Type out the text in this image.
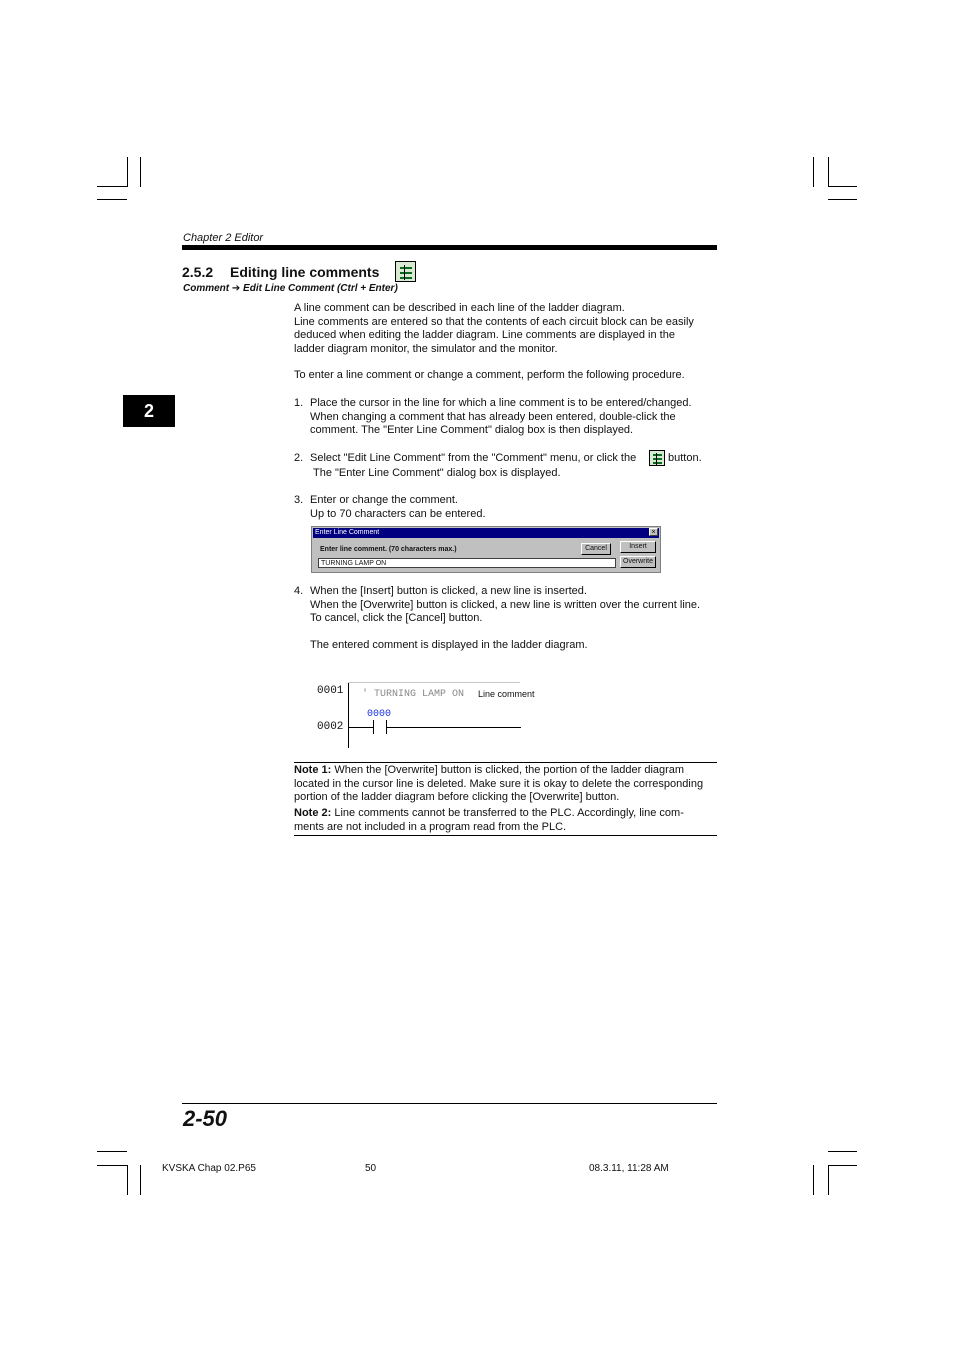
Chapter 2 Editor
2.5.2 Editing line comments
Comment ➔ Edit Line Comment (Ctrl + Enter)
2
A line comment can be described in each line of the ladder diagram.
Line comments are entered so that the contents of each circuit block can be easily
deduced when editing the ladder diagram. Line comments are displayed in the
ladder diagram monitor, the simulator and the monitor.
To enter a line comment or change a comment, perform the following procedure.
1. Place the cursor in the line for which a line comment is to be entered/changed.
When changing a comment that has already been entered, double-click the
comment. The "Enter Line Comment" dialog box is then displayed.
2. Select "Edit Line Comment" from the "Comment" menu, or click the	button.
The "Enter Line Comment" dialog box is displayed.
3. Enter or change the comment.
Up to 70 characters can be entered.
Enter Line Comment	×
Enter line comment. (70 characters max.)
TURNING LAMP ON
Cancel	Insert
Overwrite
4. When the [Insert] button is clicked, a new line is inserted.
When the [Overwrite] button is clicked, a new line is written over the current line.
To cancel, click the [Cancel] button.
The entered comment is displayed in the ladder diagram.
0001
0002
' TURNING LAMP ON
0000
Line comment
Note 1: When the [Overwrite] button is clicked, the portion of the ladder diagram
located in the cursor line is deleted. Make sure it is okay to delete the corresponding
portion of the ladder diagram before clicking the [Overwrite] button.
Note 2: Line comments cannot be transferred to the PLC. Accordingly, line com-
ments are not included in a program read from the PLC.
2-50
KVSKA Chap 02.P65	50	08.3.11, 11:28 AM
